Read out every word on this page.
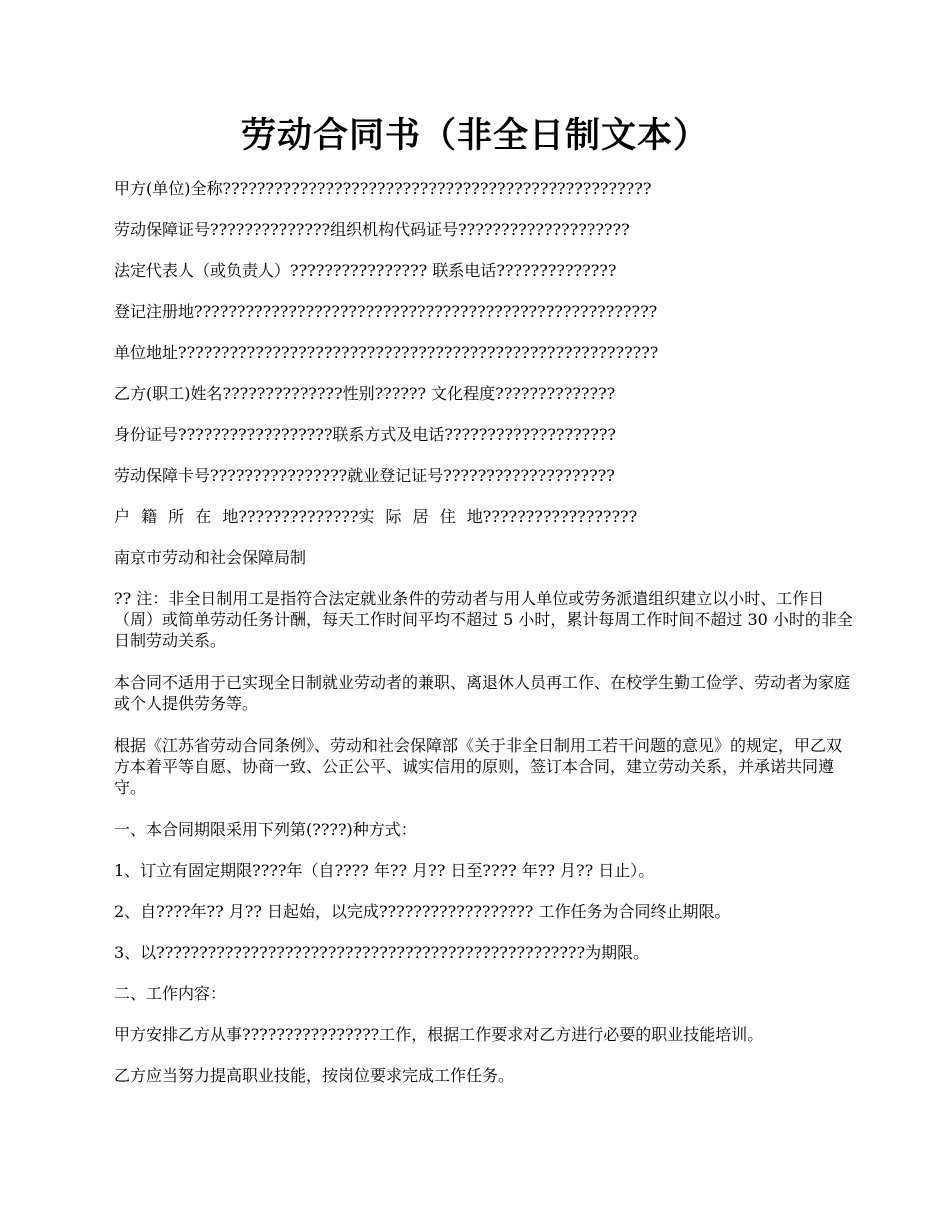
劳动合同书（非全日制文本）

甲方(单位)全称??????????????????????????????????????????????????

劳动保障证号??????????????组织机构代码证号????????????????????

法定代表人（或负责人）???????????????? 联系电话??????????????

登记注册地??????????????????????????????????????????????????????

单位地址????????????????????????????????????????????????????????

乙方(职工)姓名??????????????性别?????? 文化程度??????????????

身份证号??????????????????联系方式及电话????????????????????

劳动保障卡号????????????????就业登记证号????????????????????

户 籍 所 在 地??????????????实 际 居 住 地??????????????????

南京市劳动和社会保障局制

?? 注：非全日制用工是指符合法定就业条件的劳动者与用人单位或劳务派遣组织建立以小时、工作日（周）或简单劳动任务计酬，每天工作时间平均不超过 5 小时，累计每周工作时间不超过 30 小时的非全日制劳动关系。

本合同不适用于已实现全日制就业劳动者的兼职、离退休人员再工作、在校学生勤工俭学、劳动者为家庭或个人提供劳务等。

根据《江苏省劳动合同条例》、劳动和社会保障部《关于非全日制用工若干问题的意见》的规定，甲乙双方本着平等自愿、协商一致、公正公平、诚实信用的原则，签订本合同，建立劳动关系，并承诺共同遵守。

一、本合同期限采用下列第(????)种方式：

1、订立有固定期限????年（自???? 年?? 月?? 日至???? 年?? 月?? 日止）。

2、自????年?? 月?? 日起始，以完成?????????????????? 工作任务为合同终止期限。

3、以??????????????????????????????????????????????????为期限。

二、工作内容：

甲方安排乙方从事????????????????工作，根据工作要求对乙方进行必要的职业技能培训。

乙方应当努力提高职业技能，按岗位要求完成工作任务。
